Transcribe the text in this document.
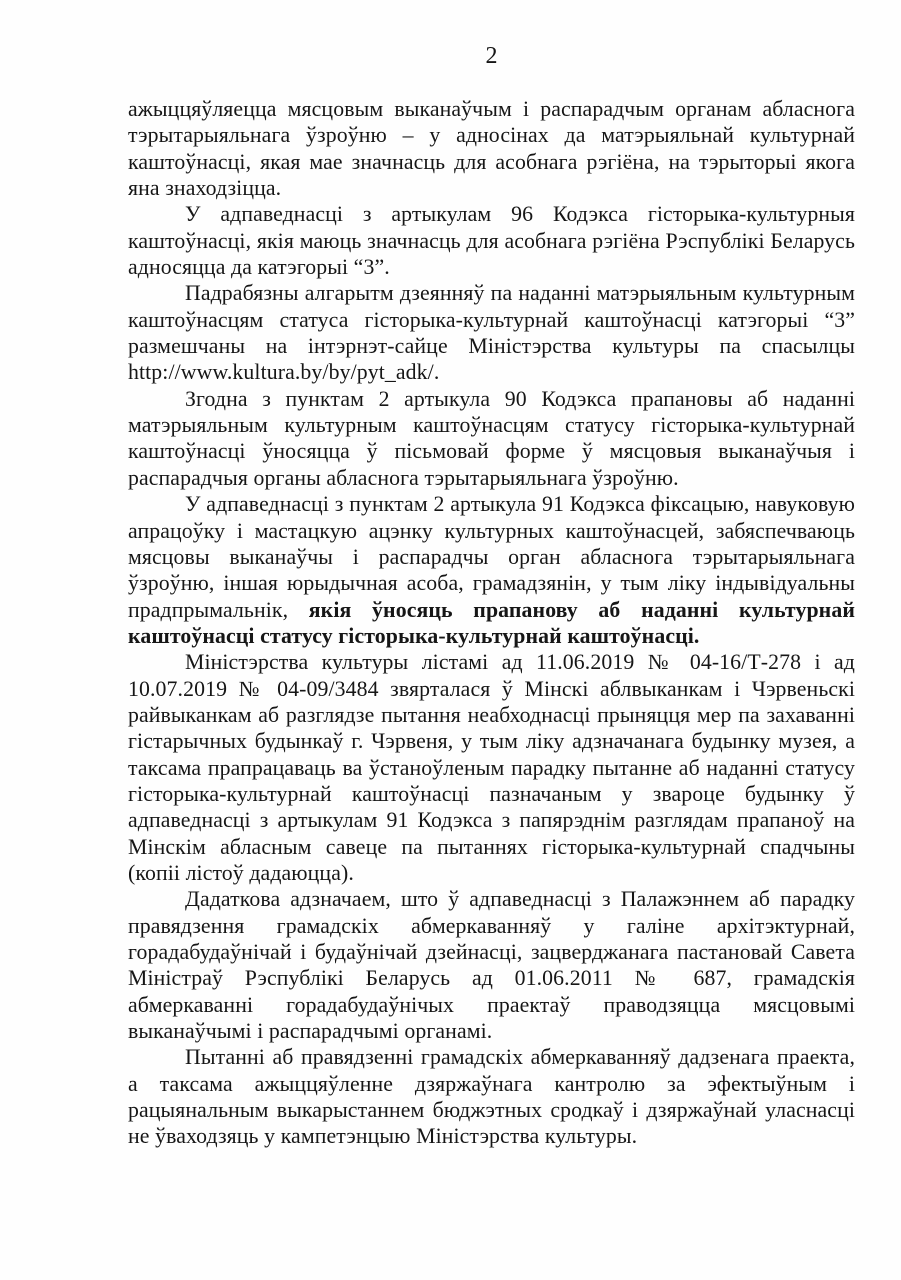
2

ажыццяўляецца мясцовым выканаўчым і распарадчым органам абласнога тэрытарыяльнага ўзроўню – у адносінах да матэрыяльнай культурнай каштоўнасці, якая мае значнасць для асобнага рэгіёна, на тэрыторыі якога яна знаходзіцца.

У адпаведнасці з артыкулам 96 Кодэкса гісторыка-культурныя каштоўнасці, якія маюць значнасць для асобнага рэгіёна Рэспублікі Беларусь адносяцца да катэгорыі “3”.

Падрабязны алгарытм дзеянняў па наданні матэрыяльным культурным каштоўнасцям статуса гісторыка-культурнай каштоўнасці катэгорыі “3” размешчаны на інтэрнэт-сайце Міністэрства культуры па спасылцы http://www.kultura.by/by/pyt_adk/.

Згодна з пунктам 2 артыкула 90 Кодэкса прапановы аб наданні матэрыяльным культурным каштоўнасцям статусу гісторыка-культурнай каштоўнасці ўносяцца ў пісьмовай форме ў мясцовыя выканаўчыя і распарадчыя органы абласнога тэрытарыяльнага ўзроўню.

У адпаведнасці з пунктам 2 артыкула 91 Кодэкса фіксацыю, навуковую апрацоўку і мастацкую ацэнку культурных каштоўнасцей, забяспечваюць мясцовы выканаўчы і распарадчы орган абласнога тэрытарыяльнага ўзроўню, іншая юрыдычная асоба, грамадзянін, у тым ліку індывідуальны прадпрымальнік, якія ўносяць прапанову аб наданні культурнай каштоўнасці статусу гісторыка-культурнай каштоўнасці.

Міністэрства культуры лістамі ад 11.06.2019 № 04-16/Т-278 і ад 10.07.2019 № 04-09/3484 звярталася ў Мінскі аблвыканкам і Чэрвеньскі райвыканкам аб разглядзе пытання неабходнасці прыняцця мер па захаванні гістарычных будынкаў г. Чэрвеня, у тым ліку адзначанага будынку музея, а таксама прапрацаваць ва ўстаноўленым парадку пытанне аб наданні статусу гісторыка-культурнай каштоўнасці пазначаным у звароце будынку ў адпаведнасці з артыкулам 91 Кодэкса з папярэднім разглядам прапаноў на Мінскім абласным савеце па пытаннях гісторыка-культурнай спадчыны (копіі лістоў дадаюцца).

Дадаткова адзначаем, што ў адпаведнасці з Палажэннем аб парадку правядзення грамадскіх абмеркаванняў у галіне архітэктурнай, горадабудаўнічай і будаўнічай дзейнасці, зацверджанага пастановай Савета Міністраў Рэспублікі Беларусь ад 01.06.2011 № 687, грамадскія абмеркаванні горадабудаўнічых праектаў праводзяцца мясцовымі выканаўчымі і распарадчымі органамі.

Пытанні аб правядзенні грамадскіх абмеркаванняў дадзенага праекта, а таксама ажыццяўленне дзяржаўнага кантролю за эфектыўным і рацыянальным выкарыстаннем бюджэтных сродкаў і дзяржаўнай уласнасці не ўваходзяць у кампетэнцыю Міністэрства культуры.
